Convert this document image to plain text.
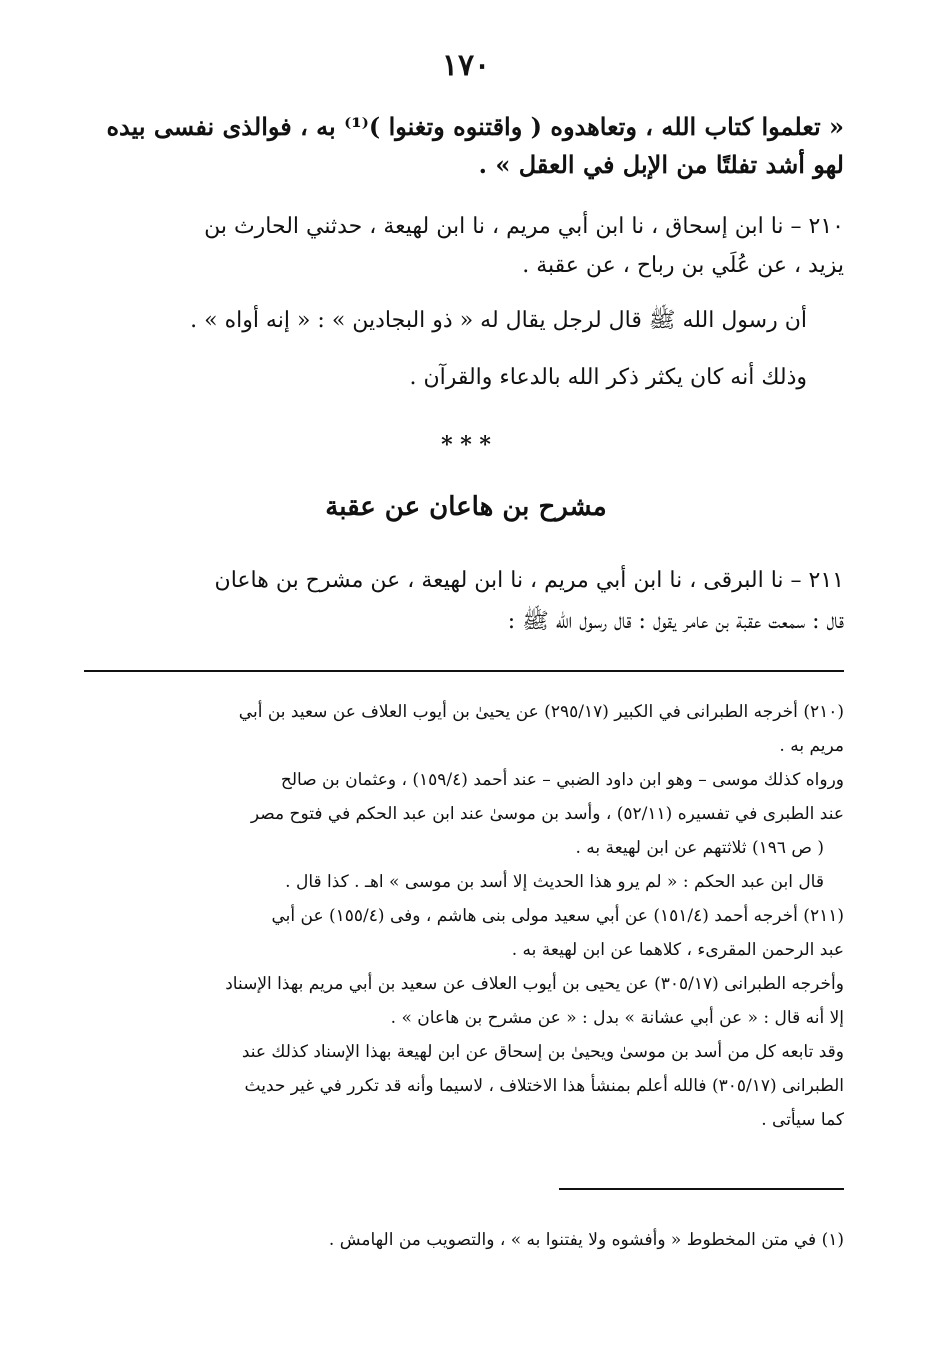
١٧٠
« تعلموا كتاب الله ، وتعاهدوه ( واقتنوه وتغنوا )⁽¹⁾ به ، فوالذى نفسى بيده
لهو أشد تفلتًا من الإبل في العقل » .
٢١٠ – نا ابن إسحاق ، نا ابن أبي مريم ، نا ابن لهيعة ، حدثني الحارث بن
يزيد ، عن عُلَي بن رباح ، عن عقبة .
أن رسول الله ﷺ قال لرجل يقال له « ذو البجادين » : « إنه أواه » .
وذلك أنه كان يكثر ذكر الله بالدعاء والقرآن .
* * *
مشرح بن هاعان عن عقبة
٢١١ – نا البرقى ، نا ابن أبي مريم ، نا ابن لهيعة ، عن مشرح بن هاعان
قال : سمعت عقبة بن عامر يقول : قال رسول الله ﷺ :
(٢١٠) أخرجه الطبرانى في الكبير (٢٩٥/١٧) عن يحيىٰ بن أيوب العلاف عن سعيد بن أبي
مريم به .
ورواه كذلك موسى – وهو ابن داود الضبي – عند أحمد (١٥٩/٤) ، وعثمان بن صالح
عند الطبرى في تفسيره (٥٢/١١) ، وأسد بن موسىٰ عند ابن عبد الحكم في فتوح مصر
( ص ١٩٦) ثلاثتهم عن ابن لهيعة به .
قال ابن عبد الحكم : « لم يرو هذا الحديث إلا أسد بن موسى » اهـ . كذا قال .
(٢١١) أخرجه أحمد (١٥١/٤) عن أبي سعيد مولى بنى هاشم ، وفى (١٥٥/٤) عن أبي
عبد الرحمن المقرىء ، كلاهما عن ابن لهيعة به .
وأخرجه الطبرانى (٣٠٥/١٧) عن يحيى بن أيوب العلاف عن سعيد بن أبي مريم بهذا الإسناد
إلا أنه قال : « عن أبي عشانة » بدل : « عن مشرح بن هاعان » .
وقد تابعه كل من أسد بن موسىٰ ويحيىٰ بن إسحاق عن ابن لهيعة بهذا الإسناد كذلك عند
الطبرانى (٣٠٥/١٧) فالله أعلم بمنشأ هذا الاختلاف ، لاسيما وأنه قد تكرر في غير حديث
كما سيأتى .
(١) في متن المخطوط « وأفشوه ولا يفتنوا به » ، والتصويب من الهامش .
